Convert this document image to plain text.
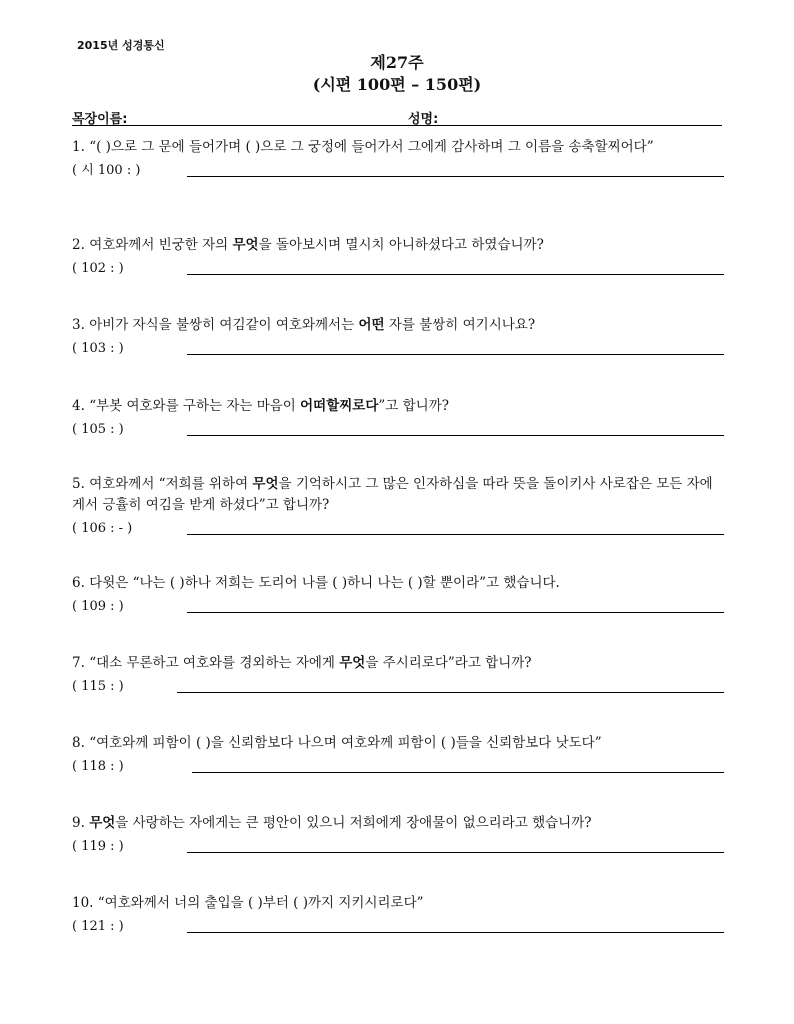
2015년 성경통신
제27주
(시편 100편 – 150편)
목장이름:	성명:
1. “( )으로 그 문에 들어가며 ( )으로 그 궁정에 들어가서 그에게 감사하며 그 이름을 송축할찌어다”
( 시 100 : )
2. 여호와께서 빈궁한 자의 무엇을 돌아보시며 멸시치 아니하셨다고 하였습니까?
( 102 : )
3. 아비가 자식을 불쌍히 여김같이 여호와께서는 어떤 자를 불쌍히 여기시나요?
( 103 : )
4. “부봇 여호와를 구하는 자는 마음이 어떠할찌로다”고 합니까?
( 105 : )
5. 여호와께서 “저희를 위하여 무엇을 기억하시고 그 많은 인자하심을 따라 뜻을 돌이키사 사로잡은 모든 자에게서 긍휼히 여김을 받게 하셨다”고 합니까?
( 106 : - )
6. 다윗은 “나는 ( )하나 저희는 도리어 나를 ( )하니 나는 ( )할 뿐이라”고 했습니다.
( 109 : )
7. “대소 무론하고 여호와를 경외하는 자에게 무엇을 주시리로다”라고 합니까?
( 115 : )
8. “여호와께 피함이 ( )을 신뢰함보다 나으며 여호와께 피함이 ( )들을 신뢰함보다 낫도다”
( 118 : )
9. 무엇을 사랑하는 자에게는 큰 평안이 있으니 저희에게 장애물이 없으리라고 했습니까?
( 119 : )
10. “여호와께서 너의 출입을 ( )부터 ( )까지 지키시리로다”
( 121 : )
